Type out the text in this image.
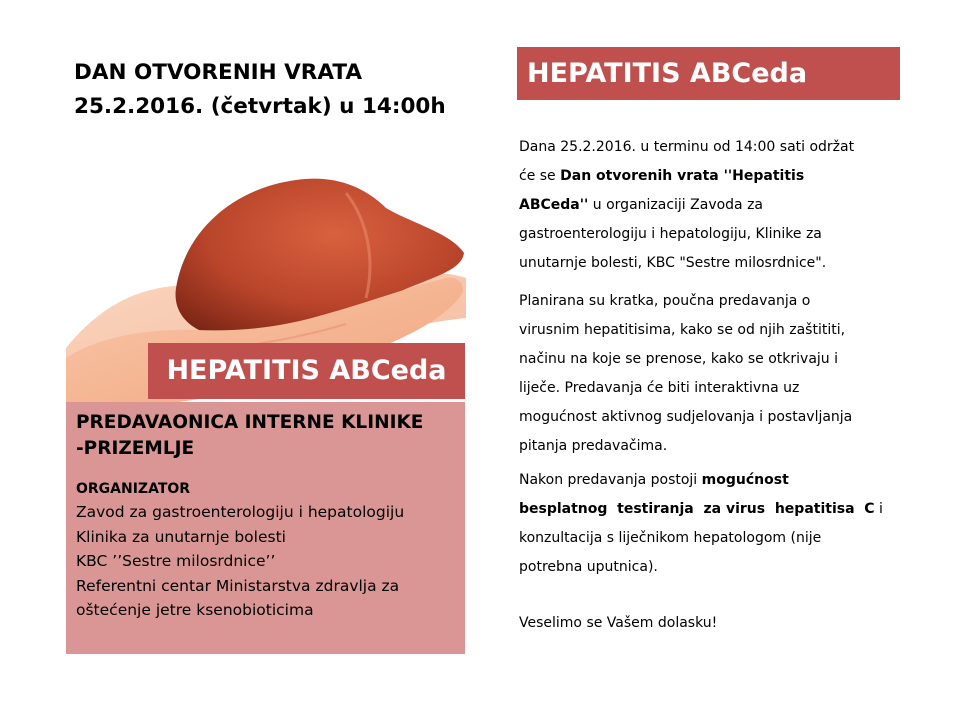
DAN OTVORENIH VRATA
25.2.2016. (četvrtak) u 14:00h
HEPATITIS ABCeda
PREDAVAONICA INTERNE KLINIKE
-PRIZEMLJE
ORGANIZATOR
Zavod za gastroenterologiju i hepatologiju
Klinika za unutarnje bolesti
KBC ’’Sestre milosrdnice’’
Referentni centar Ministarstva zdravlja za
oštećenje jetre ksenobioticima
HEPATITIS ABCeda

Dana 25.2.2016. u terminu od 14:00 sati održat
će se Dan otvorenih vrata ''Hepatitis
ABCeda'' u organizaciji Zavoda za
gastroenterologiju i hepatologiju, Klinike za
unutarnje bolesti, KBC "Sestre milosrdnice".

Planirana su kratka, poučna predavanja o
virusnim hepatitisima, kako se od njih zaštititi,
načinu na koje se prenose, kako se otkrivaju i
liječe. Predavanja će biti interaktivna uz
mogućnost aktivnog sudjelovanja i postavljanja
pitanja predavačima.

Nakon predavanja postoji mogućnost
besplatnog  testiranja  za virus  hepatitisa  C i
konzultacija s liječnikom hepatologom (nije
potrebna uputnica).

Veselimo se Vašem dolasku!
